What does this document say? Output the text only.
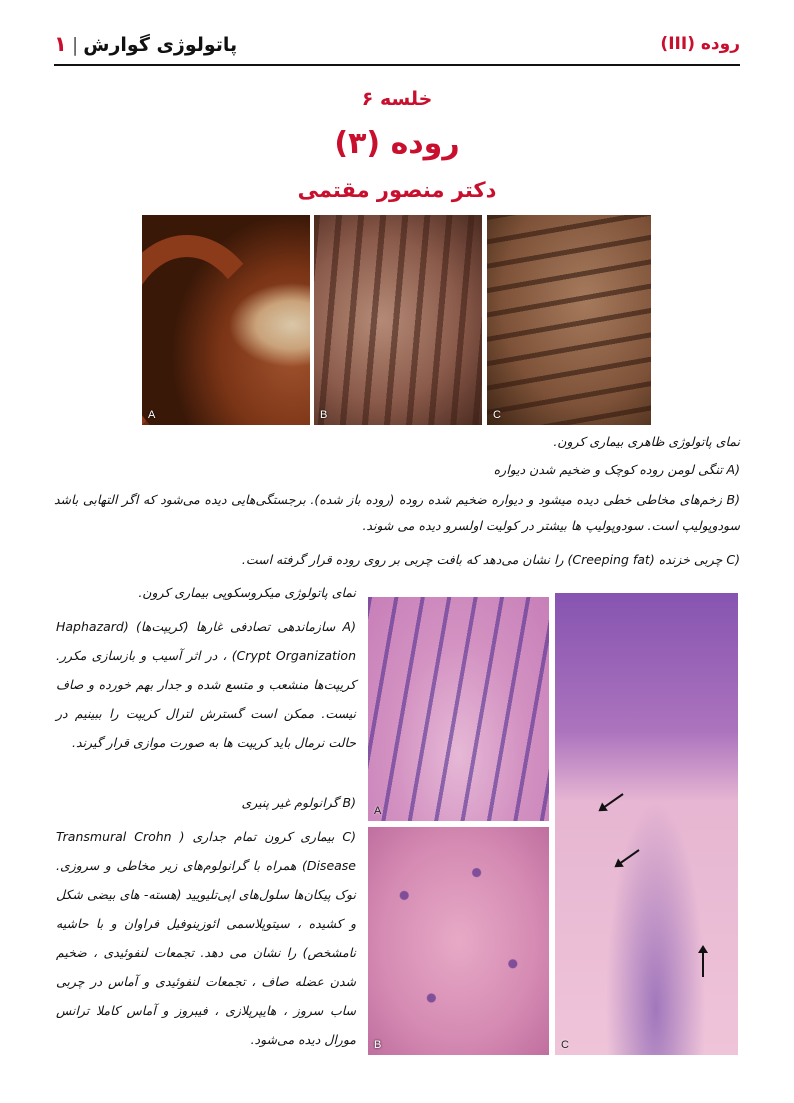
پاتولوژی گوارش|۱	روده (III)
خلسه ۶
روده (۳)
دکتر منصور مقتمی
A	B	C
نمای پاتولوژی ظاهری بیماری کرون.
(A تنگی لومن روده کوچک و ضخیم شدن دیواره
(B زخم‌های مخاطی خطی دیده میشود و دیواره ضخیم شده روده (روده باز شده). برجستگی‌هایی دیده می‌شود که اگر التهابی باشد سودوپولیپ است. سودوپولیپ ها بیشتر در کولیت اولسرو دیده می شوند.
(C چربی خزنده (Creeping fat) را نشان می‌دهد که بافت چربی بر روی روده قرار گرفته است.
نمای پاتولوژی میکروسکوپی بیماری کرون.
(A سازماندهی تصادفی غارها (کریپت‌ها) (Haphazard Crypt Organization) ، در اثر آسیب و بازسازی مکرر. کریپت‌ها منشعب و متسع شده و جدار بهم خورده و صاف نیست. ممکن است گسترش لترال کریپت را ببینیم در حالت نرمال باید کریپت ها به صورت موازی قرار گیرند.
(B گرانولوم غیر پنیری
(C بیماری کرون تمام جداری ( Transmural Crohn Disease) همراه با گرانولوم‌های زیر مخاطی و سروزی. نوک پیکان‌ها سلول‌های اپی‌تلیویید (هسته- های بیضی شکل و کشیده ، سیتوپلاسمی ائوزینوفیل فراوان و با حاشیه نامشخص) را نشان می دهد. تجمعات لنفوئیدی ، ضخیم شدن عضله صاف ، تجمعات لنفوئیدی و آماس در چربی ساب سروز ، هایپرپلازی ، فیبروز و آماس کاملا ترانس مورال دیده می‌شود.
A
B	C
